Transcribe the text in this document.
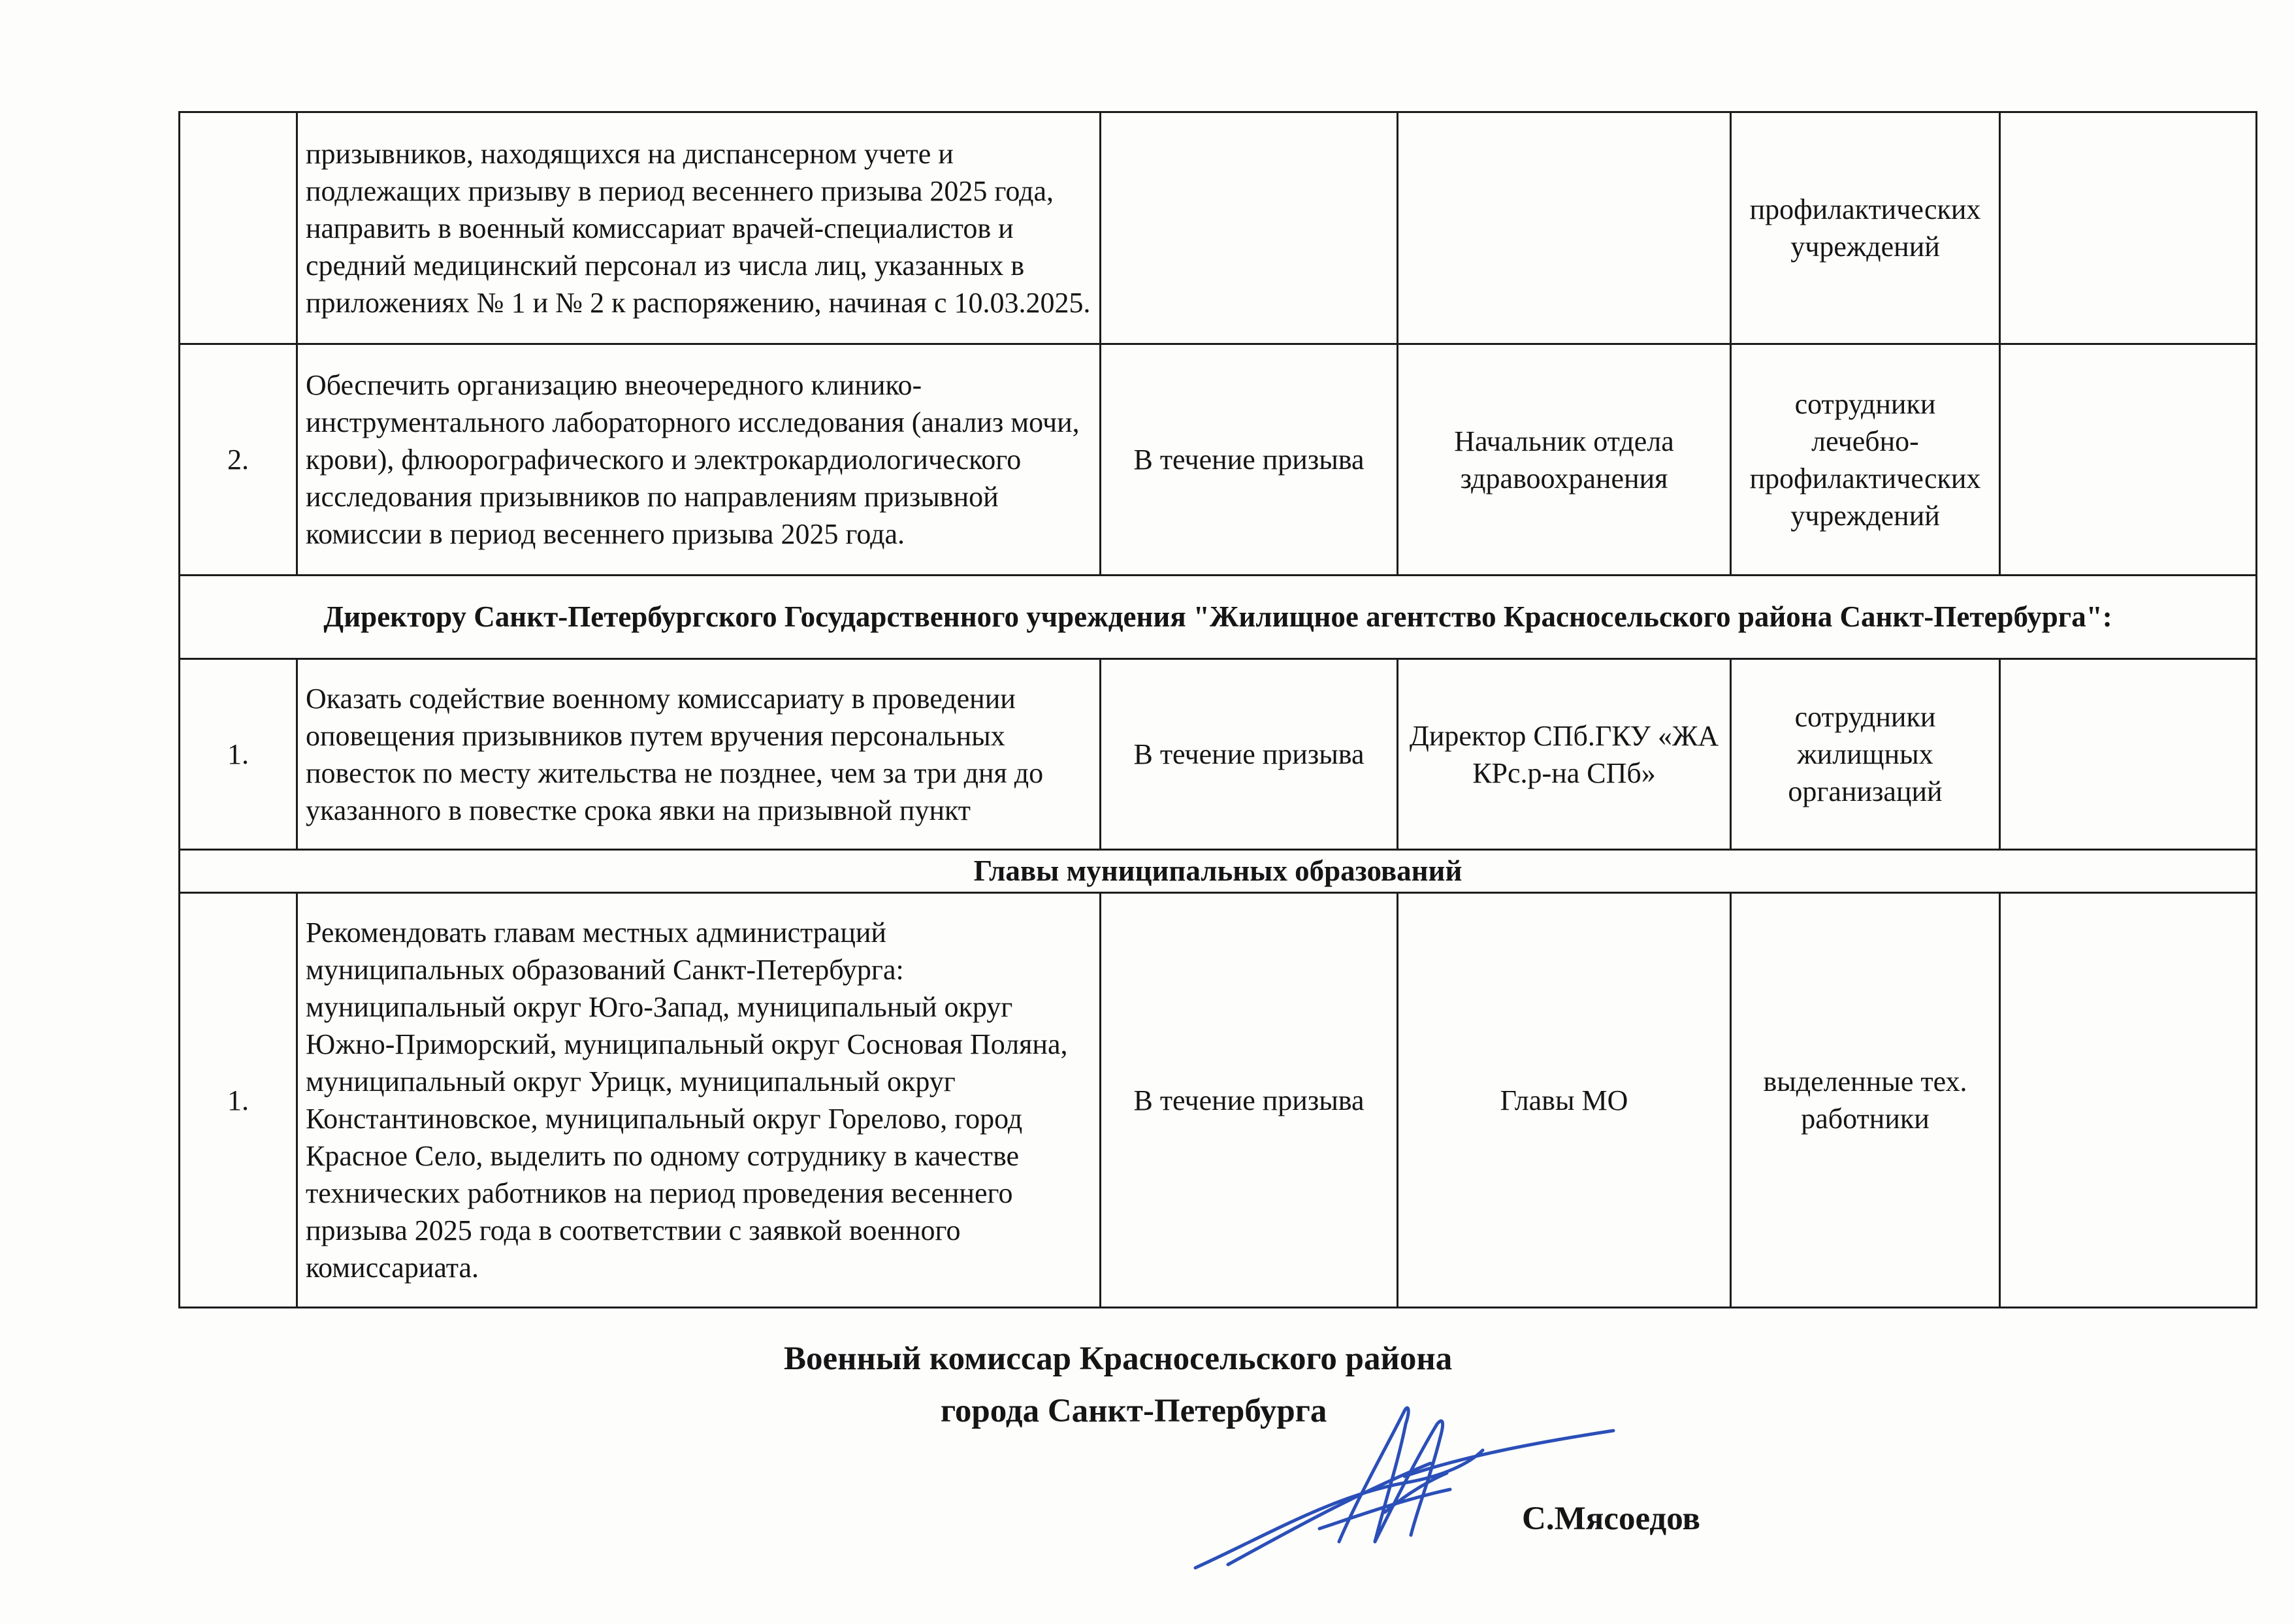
	призывников, находящихся на диспансерном учете и подлежащих призыву в период весеннего призыва 2025 года, направить в военный комиссариат врачей-специалистов и средний медицинский персонал из числа лиц, указанных в приложениях № 1 и № 2 к распоряжению, начиная с 10.03.2025.			профилактических учреждений	
2.	Обеспечить организацию внеочередного клинико-инструментального лабораторного исследования (анализ мочи, крови), флюорографического и электрокардиологического исследования призывников по направлениям призывной комиссии в период весеннего призыва 2025 года.	В течение призыва	Начальник отдела здравоохранения	сотрудники лечебно-профилактических учреждений	
Директору Санкт-Петербургского Государственного учреждения "Жилищное агентство Красносельского района Санкт-Петербурга":					
1.	Оказать содействие военному комиссариату в проведении оповещения призывников путем вручения персональных повесток по месту жительства не позднее, чем за три дня до указанного в повестке срока явки на призывной пункт	В течение призыва	Директор СПб.ГКУ «ЖА КРс.р-на СПб»	сотрудники жилищных организаций	
Главы муниципальных образований					
1.	Рекомендовать главам местных администраций муниципальных образований Санкт-Петербурга: муниципальный округ Юго-Запад, муниципальный округ Южно-Приморский, муниципальный округ Сосновая Поляна, муниципальный округ Урицк, муниципальный округ Константиновское, муниципальный округ Горелово, город Красное Село, выделить по одному сотруднику в качестве технических работников на период проведения весеннего призыва 2025 года в соответствии с заявкой военного комиссариата.	В течение призыва	Главы МО	выделенные тех. работники	
Военный комиссар Красносельского района
города Санкт-Петербурга
С.Мясоедов
